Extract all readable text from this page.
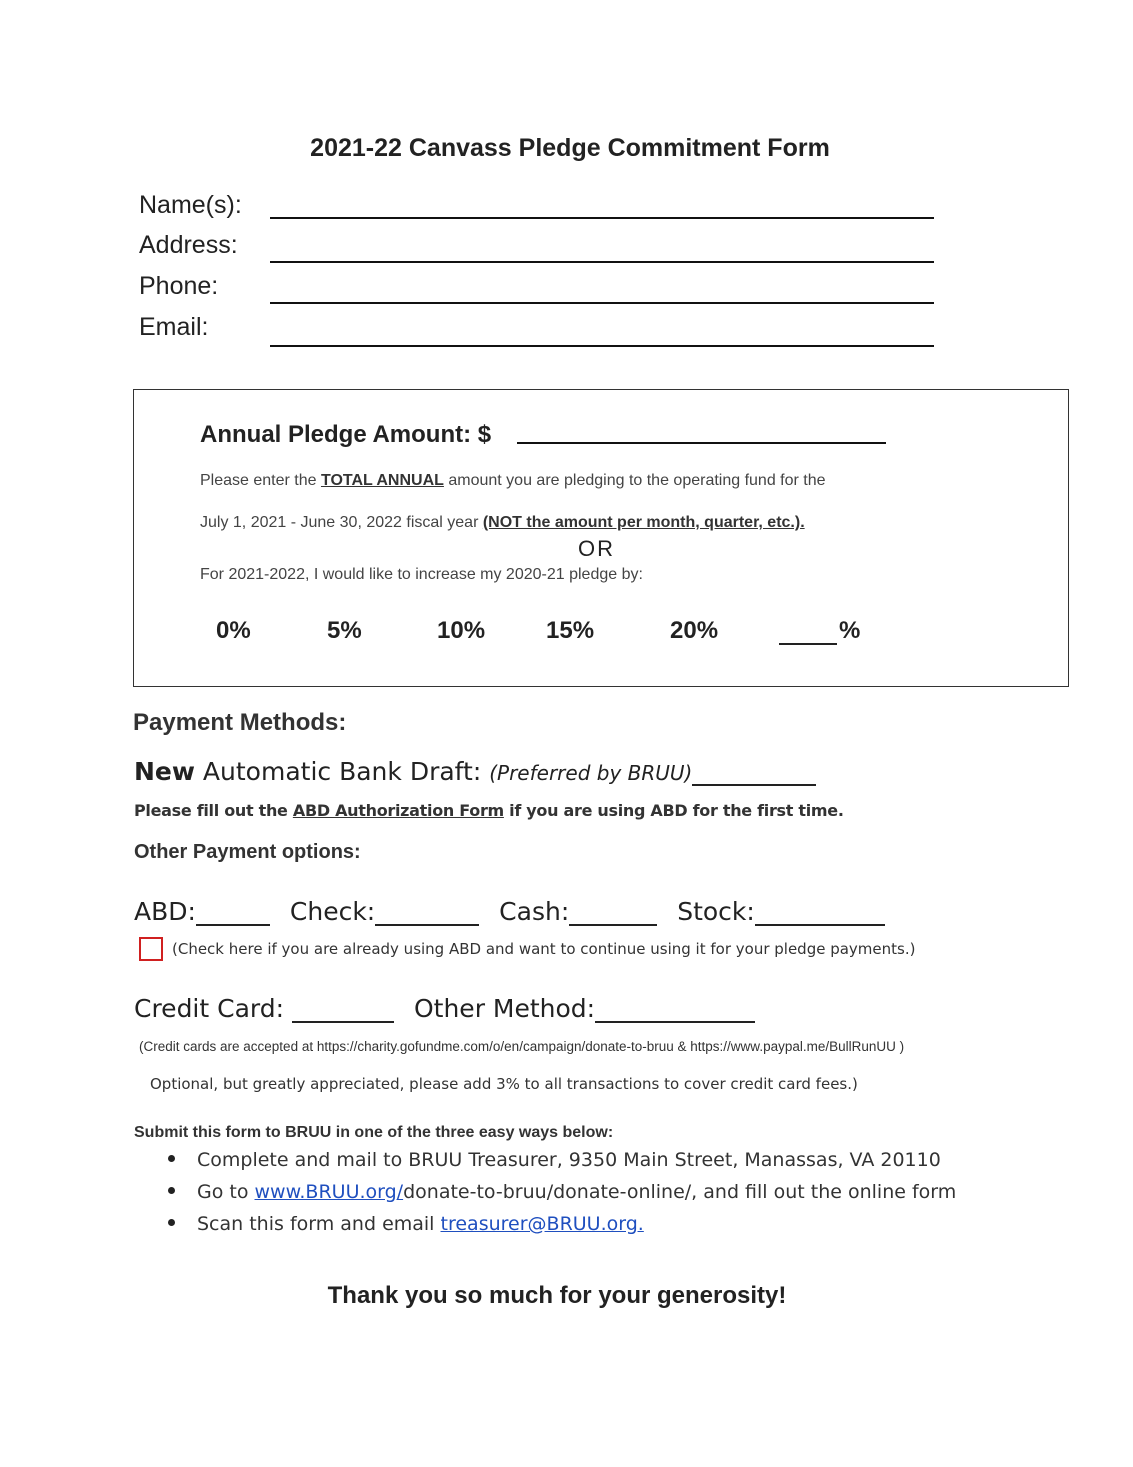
2021-22 Canvass Pledge Commitment Form
Name(s):
Address:
Phone:
Email:
Annual Pledge Amount: $
Please enter the TOTAL ANNUAL amount you are pledging to the operating fund for the
July 1, 2021 - June 30, 2022 fiscal year (NOT the amount per month, quarter, etc.).
OR
For 2021-2022, I would like to increase my 2020-21 pledge by:
0%	5%	10%	15%	20%	%
Payment Methods:
New Automatic Bank Draft: (Preferred by BRUU)
Please fill out the ABD Authorization Form if you are using ABD for the first time.
Other Payment options:
ABD:	Check:	Cash:	Stock:
(Check here if you are already using ABD and want to continue using it for your pledge payments.)
Credit Card:	Other Method:
(Credit cards are accepted at https://charity.gofundme.com/o/en/campaign/donate-to-bruu & https://www.paypal.me/BullRunUU )
Optional, but greatly appreciated, please add 3% to all transactions to cover credit card fees.)
Submit this form to BRUU in one of the three easy ways below:
Complete and mail to BRUU Treasurer, 9350 Main Street, Manassas, VA 20110
Go to www.BRUU.org/donate-to-bruu/donate-online/, and fill out the online form
Scan this form and email treasurer@BRUU.org.
Thank you so much for your generosity!
